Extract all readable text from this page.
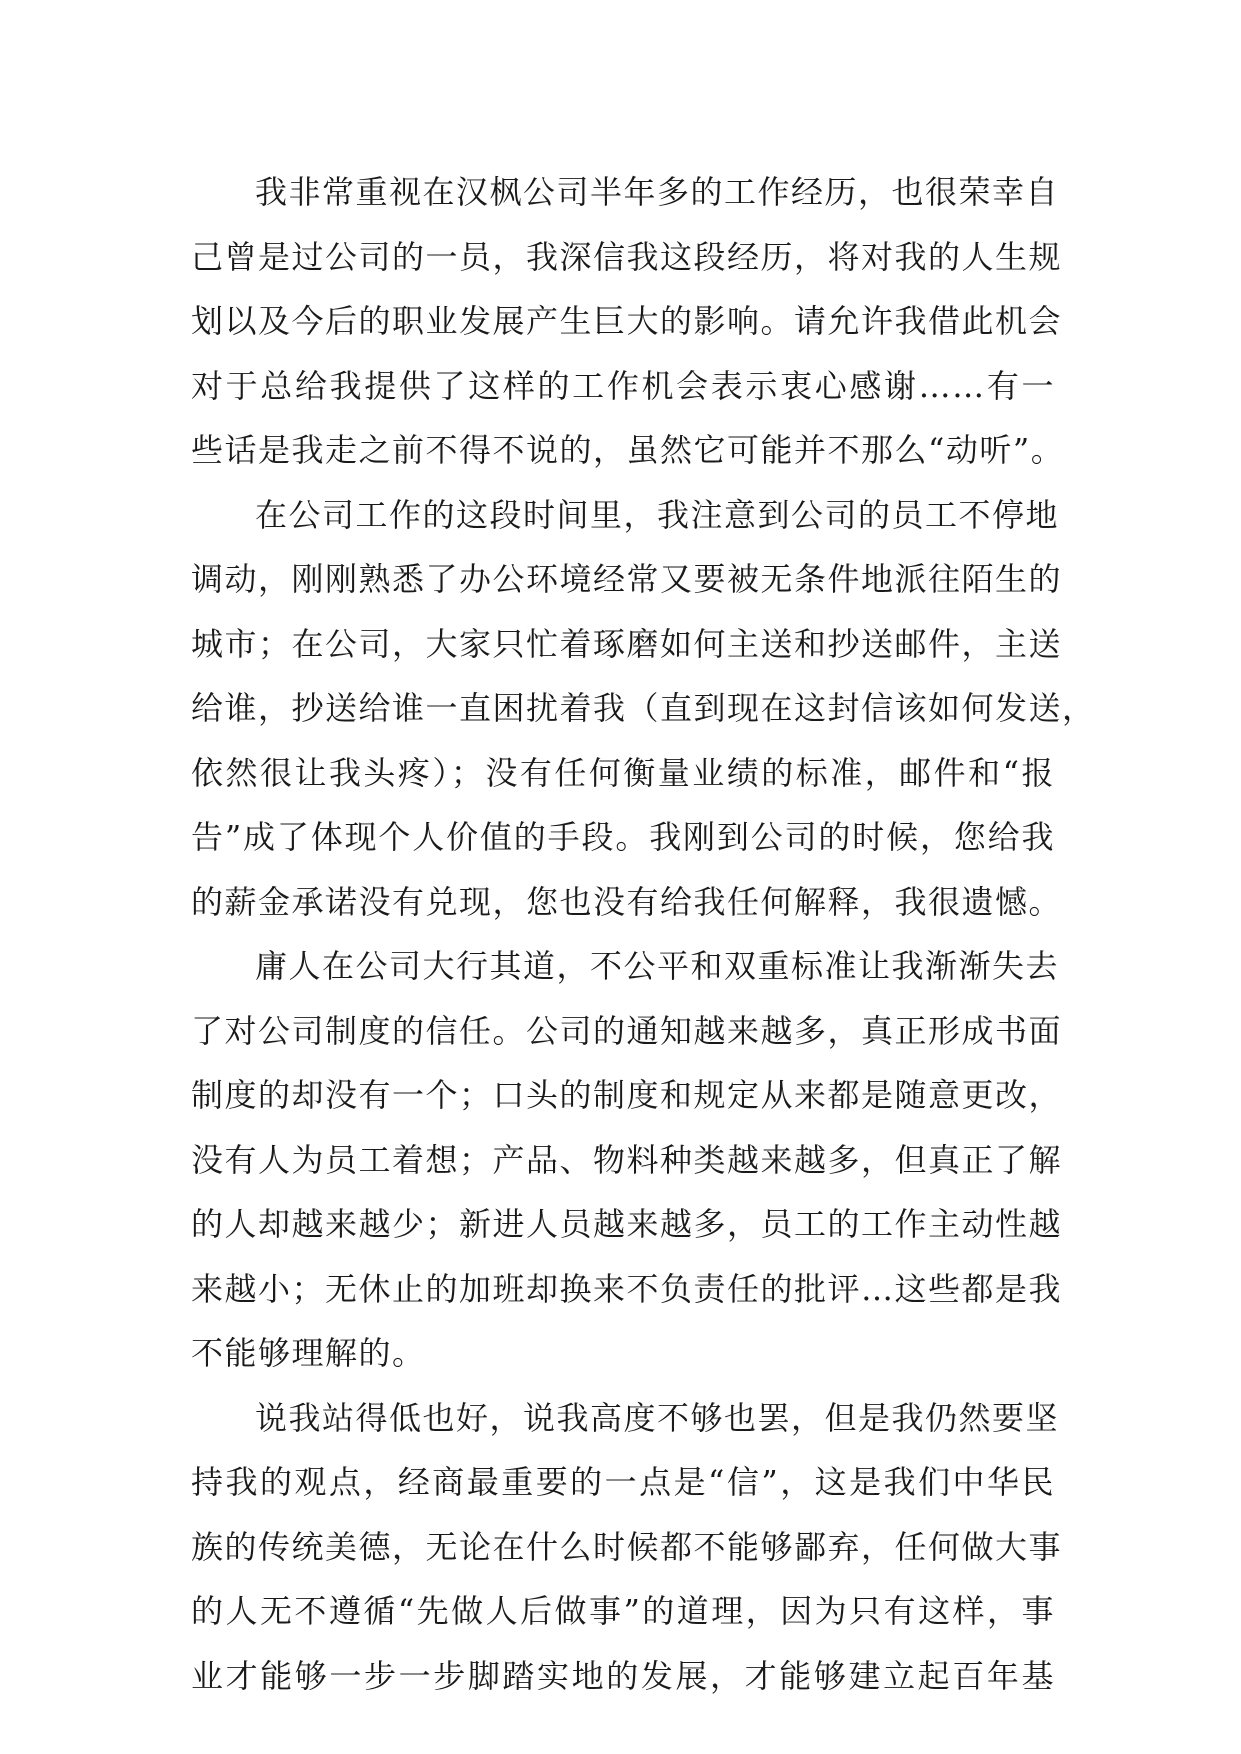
我非常重视在汉枫公司半年多的工作经历，也很荣幸自
己曾是过公司的一员，我深信我这段经历，将对我的人生规
划以及今后的职业发展产生巨大的影响。请允许我借此机会
对于总给我提供了这样的工作机会表示衷心感谢……有一
些话是我走之前不得不说的，虽然它可能并不那么“动听”。
在公司工作的这段时间里，我注意到公司的员工不停地
调动，刚刚熟悉了办公环境经常又要被无条件地派往陌生的
城市；在公司，大家只忙着琢磨如何主送和抄送邮件，主送
给谁，抄送给谁一直困扰着我（直到现在这封信该如何发送，
依然很让我头疼）；没有任何衡量业绩的标准，邮件和“报
告”成了体现个人价值的手段。我刚到公司的时候，您给我
的薪金承诺没有兑现，您也没有给我任何解释，我很遗憾。
庸人在公司大行其道，不公平和双重标准让我渐渐失去
了对公司制度的信任。公司的通知越来越多，真正形成书面
制度的却没有一个；口头的制度和规定从来都是随意更改，
没有人为员工着想；产品、物料种类越来越多，但真正了解
的人却越来越少；新进人员越来越多，员工的工作主动性越
来越小；无休止的加班却换来不负责任的批评…这些都是我
不能够理解的。
说我站得低也好，说我高度不够也罢，但是我仍然要坚
持我的观点，经商最重要的一点是“信”，这是我们中华民
族的传统美德，无论在什么时候都不能够鄙弃，任何做大事
的人无不遵循“先做人后做事”的道理，因为只有这样，事
业才能够一步一步脚踏实地的发展，才能够建立起百年基
